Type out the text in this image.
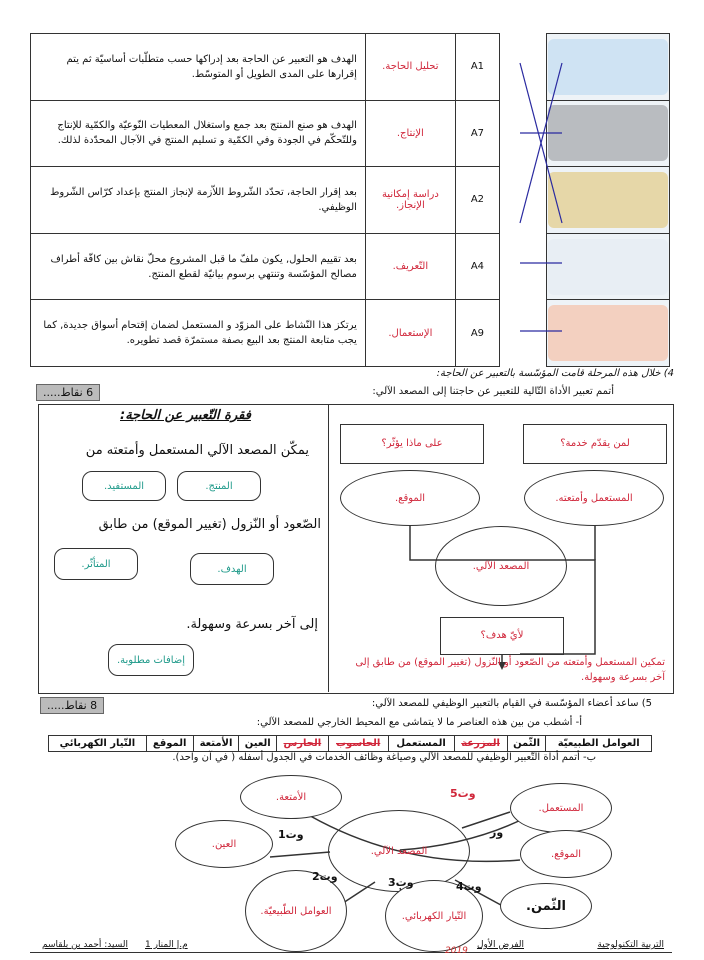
الهدف هو التعبير عن الحاجة بعد إدراكها حسب متطلّبات أساسيّة ثم يتم إقرارها على المدى الطويل أو المتوسّط.	تحليل الحاجة.	A1		

الهدف هو صنع المنتج بعد جمع واستغلال المعطيات النّوعيّة والكمّية للإنتاج وللتّحكّم في الجودة وفي الكمّية و تسليم المنتج في الآجال المحدّدة لذلك.	الإنتاج.	A7		

بعد إقرار الحاجة، تحدّد الشّروط اللاّزمة لإنجاز المنتج بإعداد كرّاس الشّروط الوظيفي.	دراسة إمكانية الإنجاز.	A2		

بعد تقييم الحلول, يكون ملفّ ما قبل المشروع محلّ نقاش بين كافّة أطراف مصالح المؤسّسة وتنتهي برسوم بيانيّة لقطع المنتج.	التّعريف.	A4		

يرتكز هذا النّشاط على المزوّد و المستعمل لضمان إقتحام أسواق جديدة, كما يجب متابعة المنتج بعد البيع بصفة مستمرّة قصد تطويره.	الإستعمال.	A9		
4) خلال هذه المرحلة قامت المؤسّسة بالتعبير عن الحاجة:
أتمم تعبير الأداة التّالية للتعبير عن حاجتنا إلى المصعد الآلي:
6 نقاط.....
لمن يقدّم خدمة؟
على ماذا يؤثّر؟
المستعمل وأمتعته.
الموقع.
المصعد الآلي.
لأيّ هدف؟
تمكين المستعمل وأمتعته من الصّعود أو النّزول (تغيير الموقع) من طابق إلى آخر بسرعة وسهولة.
فقرة التّعبير عن الحاجة:
يمكّن المصعد الآلي المستعمل وأمتعته من
المنتج.
المستفيد.
الصّعود أو النّزول (تغيير الموقع) من طابق
الهدف.
المتأثّر.
إلى آخر بسرعة وسهولة.
إضافات مطلوبة.
5) ساعد أعضاء المؤسّسة في القيام بالتعبير الوظيفي للمصعد الآلي:
8 نقاط.....
أ- أشطب من بين هذه العناصر ما لا يتماشى مع المحيط الخارجي للمصعد الآلي:
العوامل الطبيعيّة	الثّمن	المزرعة	المستعمل	الحاسوب	الحارس	العين	الأمتعة	الموقع	التّيار الكهربائي
ب- أتمم أداة التّعبير الوظيفي للمصعد الآلي وصياغة وظائف الخدمات في الجدول أسفله ( في آن واحد).
المصعد الآلي.
الأمتعة.
المستعمل.
الموقع.
العين.
العوامل الطّبيعيّة.	التّيار الكهربائي.
الثّمن.
وت5
ور
وت1
وت2	وت3	وت4
التربية التكنولوجية
الفرض الأول
م.إ المنار 1
السيد: أحمد بن بلقاسم
2019
